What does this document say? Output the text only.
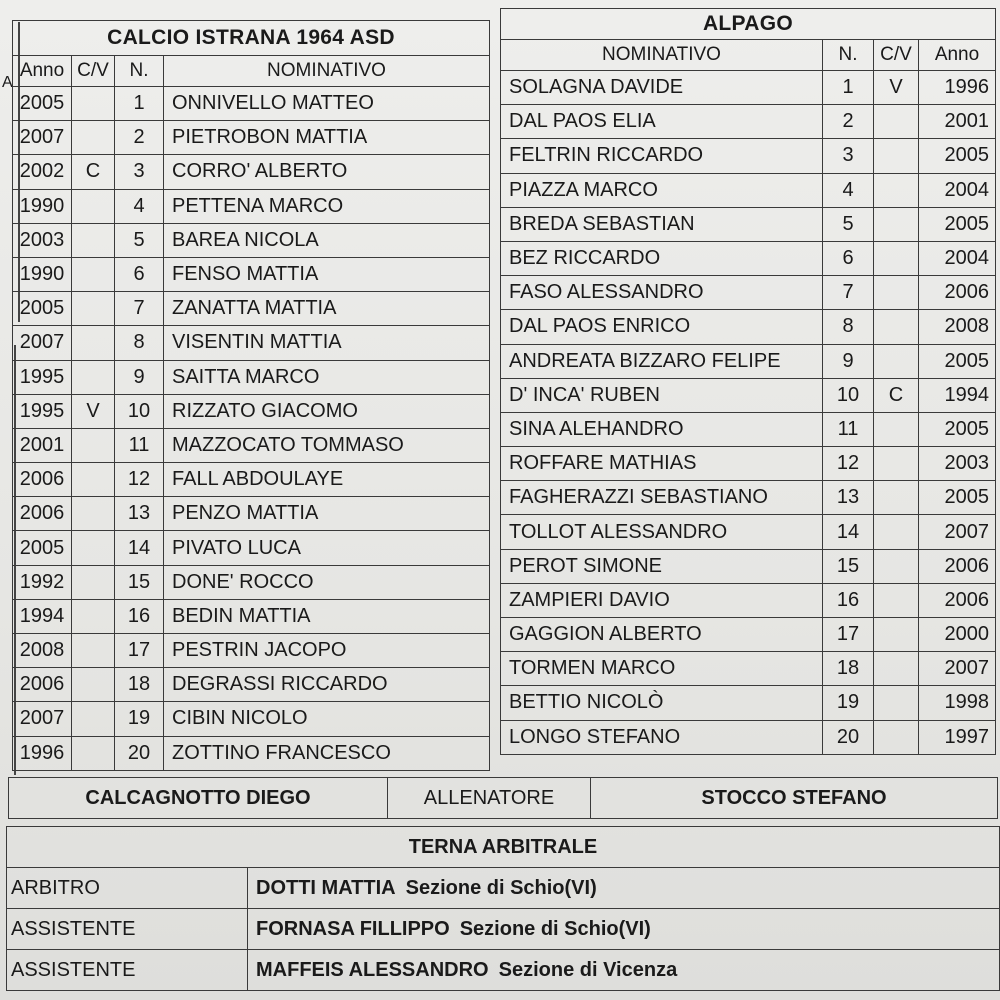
A
CALCIO ISTRANA 1964 ASD			
Anno	C/V	N.	NOMINATIVO
2005		1	ONNIVELLO MATTEO
2007		2	PIETROBON MATTIA
2002	C	3	CORRO' ALBERTO
1990		4	PETTENA MARCO
2003		5	BAREA NICOLA
1990		6	FENSO MATTIA
2005		7	ZANATTA MATTIA
2007		8	VISENTIN MATTIA
1995		9	SAITTA MARCO
1995	V	10	RIZZATO GIACOMO
2001		11	MAZZOCATO TOMMASO
2006		12	FALL ABDOULAYE
2006		13	PENZO MATTIA
2005		14	PIVATO LUCA
1992		15	DONE' ROCCO
1994		16	BEDIN MATTIA
2008		17	PESTRIN JACOPO
2006		18	DEGRASSI RICCARDO
2007		19	CIBIN NICOLO
1996		20	ZOTTINO FRANCESCO
ALPAGO			
NOMINATIVO	N.	C/V	Anno
SOLAGNA DAVIDE	1	V	1996
DAL PAOS ELIA	2		2001
FELTRIN RICCARDO	3		2005
PIAZZA MARCO	4		2004
BREDA SEBASTIAN	5		2005
BEZ RICCARDO	6		2004
FASO ALESSANDRO	7		2006
DAL PAOS ENRICO	8		2008
ANDREATA BIZZARO FELIPE	9		2005
D' INCA' RUBEN	10	C	1994
SINA ALEHANDRO	11		2005
ROFFARE MATHIAS	12		2003
FAGHERAZZI SEBASTIANO	13		2005
TOLLOT ALESSANDRO	14		2007
PEROT SIMONE	15		2006
ZAMPIERI DAVIO	16		2006
GAGGION ALBERTO	17		2000
TORMEN MARCO	18		2007
BETTIO NICOLÒ	19		1998
LONGO STEFANO	20		1997
CALCAGNOTTO DIEGO	ALLENATORE	STOCCO STEFANO
TERNA ARBITRALE	
ARBITRO	DOTTI MATTIA Sezione di Schio(VI)
ASSISTENTE	FORNASA FILLIPPO Sezione di Schio(VI)
ASSISTENTE	MAFFEIS ALESSANDRO Sezione di Vicenza
